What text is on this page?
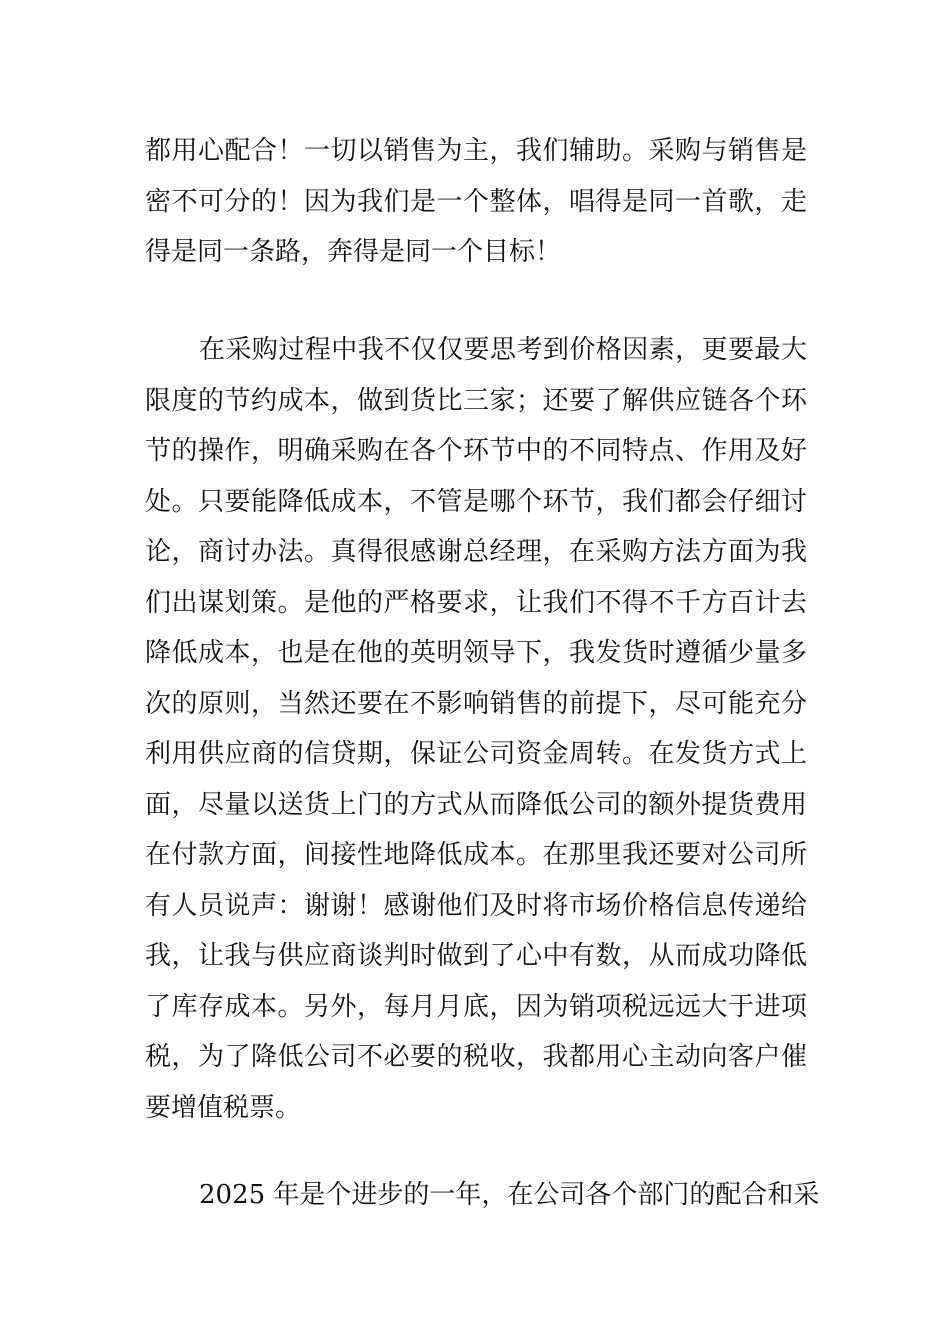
都用心配合！一切以销售为主，我们辅助。采购与销售是
密不可分的！因为我们是一个整体，唱得是同一首歌，走
得是同一条路，奔得是同一个目标！
在采购过程中我不仅仅要思考到价格因素，更要最大
限度的节约成本，做到货比三家；还要了解供应链各个环
节的操作，明确采购在各个环节中的不同特点、作用及好
处。只要能降低成本，不管是哪个环节，我们都会仔细讨
论，商讨办法。真得很感谢总经理，在采购方法方面为我
们出谋划策。是他的严格要求，让我们不得不千方百计去
降低成本，也是在他的英明领导下，我发货时遵循少量多
次的原则，当然还要在不影响销售的前提下，尽可能充分
利用供应商的信贷期，保证公司资金周转。在发货方式上
面，尽量以送货上门的方式从而降低公司的额外提货费用
在付款方面，间接性地降低成本。在那里我还要对公司所
有人员说声：谢谢！感谢他们及时将市场价格信息传递给
我，让我与供应商谈判时做到了心中有数，从而成功降低
了库存成本。另外，每月月底，因为销项税远远大于进项
税，为了降低公司不必要的税收，我都用心主动向客户催
要增值税票。
2025 年是个进步的一年，在公司各个部门的配合和采
